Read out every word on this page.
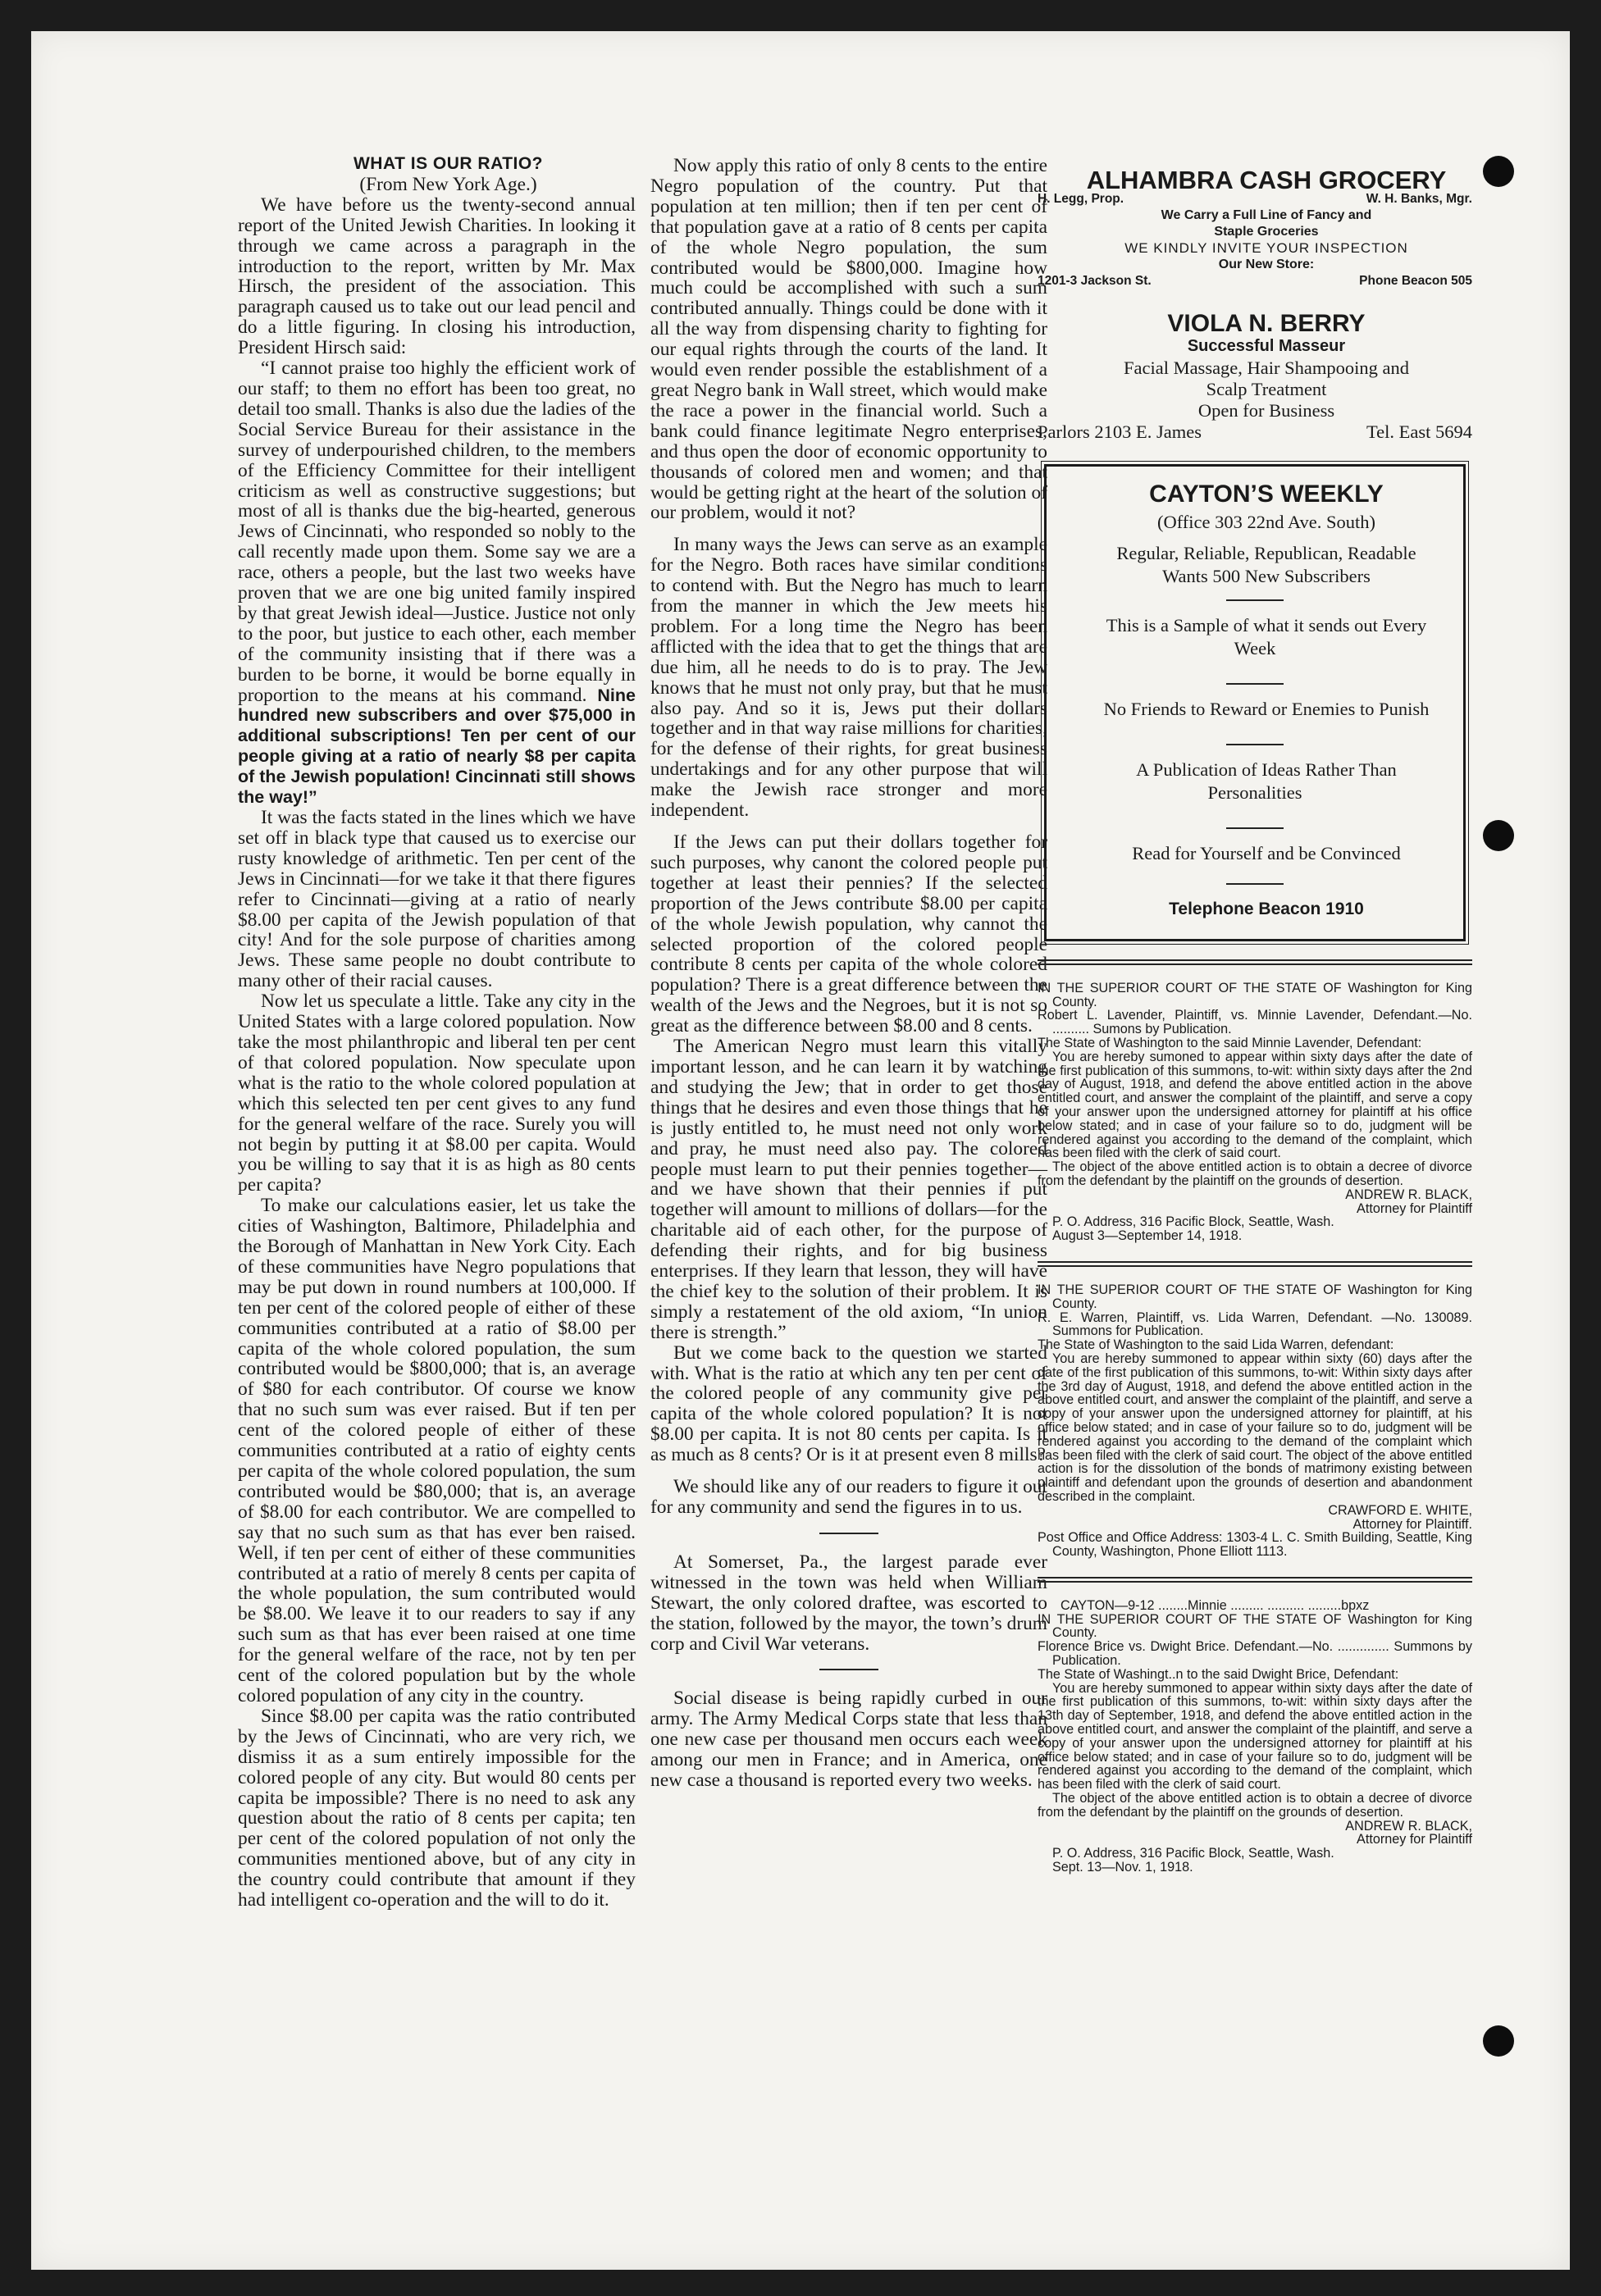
WHAT IS OUR RATIO?

(From New York Age.)

We have before us the twenty-second annual report of the United Jewish Charities. In looking it through we came across a paragraph in the introduction to the report, written by Mr. Max Hirsch, the president of the association. This paragraph caused us to take out our lead pencil and do a little figuring. In closing his introduction, President Hirsch said:

“I cannot praise too highly the efficient work of our staff; to them no effort has been too great, no detail too small. Thanks is also due the ladies of the Social Service Bureau for their assistance in the survey of underpourished children, to the members of the Efficiency Committee for their intelligent criticism as well as constructive suggestions; but most of all is thanks due the big-hearted, generous Jews of Cincinnati, who responded so nobly to the call recently made upon them. Some say we are a race, others a people, but the last two weeks have proven that we are one big united family inspired by that great Jewish ideal—Justice. Justice not only to the poor, but justice to each other, each member of the community insisting that if there was a burden to be borne, it would be borne equally in proportion to the means at his command. Nine hundred new subscribers and over $75,000 in additional subscriptions! Ten per cent of our people giving at a ratio of nearly $8 per capita of the Jewish population! Cincinnati still shows the way!”

It was the facts stated in the lines which we have set off in black type that caused us to exercise our rusty knowledge of arithmetic. Ten per cent of the Jews in Cincinnati—for we take it that there figures refer to Cincinnati—giving at a ratio of nearly $8.00 per capita of the Jewish population of that city! And for the sole purpose of charities among Jews. These same people no doubt contribute to many other of their racial causes.

Now let us speculate a little. Take any city in the United States with a large colored population. Now take the most philanthropic and liberal ten per cent of that colored population. Now speculate upon what is the ratio to the whole colored population at which this selected ten per cent gives to any fund for the general welfare of the race. Surely you will not begin by putting it at $8.00 per capita. Would you be willing to say that it is as high as 80 cents per capita?

To make our calculations easier, let us take the cities of Washington, Baltimore, Philadelphia and the Borough of Manhattan in New York City. Each of these communities have Negro populations that may be put down in round numbers at 100,000. If ten per cent of the colored people of either of these communities contributed at a ratio of $8.00 per capita of the whole colored population, the sum contributed would be $800,000; that is, an average of $80 for each contributor. Of course we know that no such sum was ever raised. But if ten per cent of the colored people of either of these communities contributed at a ratio of eighty cents per capita of the whole colored population, the sum contributed would be $80,000; that is, an average of $8.00 for each contributor. We are compelled to say that no such sum as that has ever ben raised. Well, if ten per cent of either of these communities contributed at a ratio of merely 8 cents per capita of the whole population, the sum contributed would be $8.00. We leave it to our readers to say if any such sum as that has ever been raised at one time for the general welfare of the race, not by ten per cent of the colored population but by the whole colored population of any city in the country.

Since $8.00 per capita was the ratio contributed by the Jews of Cincinnati, who are very rich, we dismiss it as a sum entirely impossible for the colored people of any city. But would 80 cents per capita be impossible? There is no need to ask any question about the ratio of 8 cents per capita; ten per cent of the colored population of not only the communities mentioned above, but of any city in the country could contribute that amount if they had intelligent co-operation and the will to do it.

Now apply this ratio of only 8 cents to the entire Negro population of the country. Put that population at ten million; then if ten per cent of that population gave at a ratio of 8 cents per capita of the whole Negro population, the sum contributed would be $800,000. Imagine how much could be accomplished with such a sum contributed annually. Things could be done with it all the way from dispensing charity to fighting for our equal rights through the courts of the land. It would even render possible the establishment of a great Negro bank in Wall street, which would make the race a power in the financial world. Such a bank could finance legitimate Negro enterprises, and thus open the door of economic opportunity to thousands of colored men and women; and that would be getting right at the heart of the solution of our problem, would it not?

In many ways the Jews can serve as an example for the Negro. Both races have similar conditions to contend with. But the Negro has much to learn from the manner in which the Jew meets his problem. For a long time the Negro has been afflicted with the idea that to get the things that are due him, all he needs to do is to pray. The Jew knows that he must not only pray, but that he must also pay. And so it is, Jews put their dollars together and in that way raise millions for charities, for the defense of their rights, for great business undertakings and for any other purpose that will make the Jewish race stronger and more independent.

If the Jews can put their dollars together for such purposes, why canont the colored people put together at least their pennies? If the selected proportion of the Jews contribute $8.00 per capita of the whole Jewish population, why cannot the selected proportion of the colored people contribute 8 cents per capita of the whole colored population? There is a great difference between the wealth of the Jews and the Negroes, but it is not so great as the difference between $8.00 and 8 cents.

The American Negro must learn this vitally important lesson, and he can learn it by watching and studying the Jew; that in order to get those things that he desires and even those things that he is justly entitled to, he must need not only work and pray, he must need also pay. The colored people must learn to put their pennies together—and we have shown that their pennies if put together will amount to millions of dollars—for the charitable aid of each other, for the purpose of defending their rights, and for big business enterprises. If they learn that lesson, they will have the chief key to the solution of their problem. It is simply a restatement of the old axiom, “In union there is strength.”

But we come back to the question we started with. What is the ratio at which any ten per cent of the colored people of any community give per capita of the whole colored population? It is not $8.00 per capita. It is not 80 cents per capita. Is it as much as 8 cents? Or is it at present even 8 mills?

We should like any of our readers to figure it out for any community and send the figures in to us.

At Somerset, Pa., the largest parade ever witnessed in the town was held when William Stewart, the only colored draftee, was escorted to the station, followed by the mayor, the town’s drum corp and Civil War veterans.

Social disease is being rapidly curbed in our army. The Army Medical Corps state that less than one new case per thousand men occurs each week among our men in France; and in America, one new case a thousand is reported every two weeks.

ALHAMBRA CASH GROCERY

H. Legg, Prop.	W. H. Banks, Mgr.

We Carry a Full Line of Fancy and

Staple Groceries

WE KINDLY INVITE YOUR INSPECTION

Our New Store:

1201-3 Jackson St.	Phone Beacon 505

VIOLA N. BERRY

Successful Masseur

Facial Massage, Hair Shampooing and

Scalp Treatment

Open for Business

Parlors 2103 E. James	Tel. East 5694

CAYTON’S WEEKLY

(Office 303 22nd Ave. South)

Regular, Reliable, Republican, Readable

Wants 500 New Subscribers

This is a Sample of what it sends out Every Week

No Friends to Reward or Enemies to Punish

A Publication of Ideas Rather Than Personalities

Read for Yourself and be Convinced

Telephone Beacon 1910

IN THE SUPERIOR COURT OF THE STATE OF Washington for King County.

Robert L. Lavender, Plaintiff, vs. Minnie Lavender, Defendant.—No. .......... Sumons by Publication.

The State of Washington to the said Minnie Lavender, Defendant:

You are hereby sumoned to appear within sixty days after the date of the first publication of this summons, to-wit: within sixty days after the 2nd day of August, 1918, and defend the above entitled action in the above entitled court, and answer the complaint of the plaintiff, and serve a copy of your answer upon the undersigned attorney for plaintiff at his office below stated; and in case of your failure so to do, judgment will be rendered against you according to the demand of the complaint, which has been filed with the clerk of said court.

The object of the above entitled action is to obtain a decree of divorce from the defendant by the plaintiff on the grounds of desertion.

ANDREW R. BLACK,

Attorney for Plaintiff

P. O. Address, 316 Pacific Block, Seattle, Wash.

August 3—September 14, 1918.

IN THE SUPERIOR COURT OF THE STATE OF Washington for King County.

R. E. Warren, Plaintiff, vs. Lida Warren, Defendant. —No. 130089. Summons for Publication.

The State of Washington to the said Lida Warren, defendant:

You are hereby summoned to appear within sixty (60) days after the date of the first publication of this summons, to-wit: Within sixty days after the 3rd day of August, 1918, and defend the above entitled action in the above entitled court, and answer the complaint of the plaintiff, and serve a copy of your answer upon the undersigned attorney for plaintiff, at his office below stated; and in case of your failure so to do, judgment will be rendered against you according to the demand of the complaint which has been filed with the clerk of said court. The object of the above entitled action is for the dissolution of the bonds of matrimony existing between plaintiff and defendant upon the grounds of desertion and abandonment described in the complaint.

CRAWFORD E. WHITE,

Attorney for Plaintiff.

Post Office and Office Address: 1303-4 L. C. Smith Building, Seattle, King County, Washington, Phone Elliott 1113.

CAYTON—9-12 ........Minnie ......... .......... .........bpxz

IN THE SUPERIOR COURT OF THE STATE OF Washington for King County.

Florence Brice vs. Dwight Brice. Defendant.—No. .............. Summons by Publication.

The State of Washingt..n to the said Dwight Brice, Defendant:

You are hereby summoned to appear within sixty days after the date of the first publication of this summons, to-wit: within sixty days after the 13th day of September, 1918, and defend the above entitled action in the above entitled court, and answer the complaint of the plaintiff, and serve a copy of your answer upon the undersigned attorney for plaintiff at his office below stated; and in case of your failure so to do, judgment will be rendered against you according to the demand of the complaint, which has been filed with the clerk of said court.

The object of the above entitled action is to obtain a decree of divorce from the defendant by the plaintiff on the grounds of desertion.

ANDREW R. BLACK,

Attorney for Plaintiff

P. O. Address, 316 Pacific Block, Seattle, Wash.

Sept. 13—Nov. 1, 1918.
